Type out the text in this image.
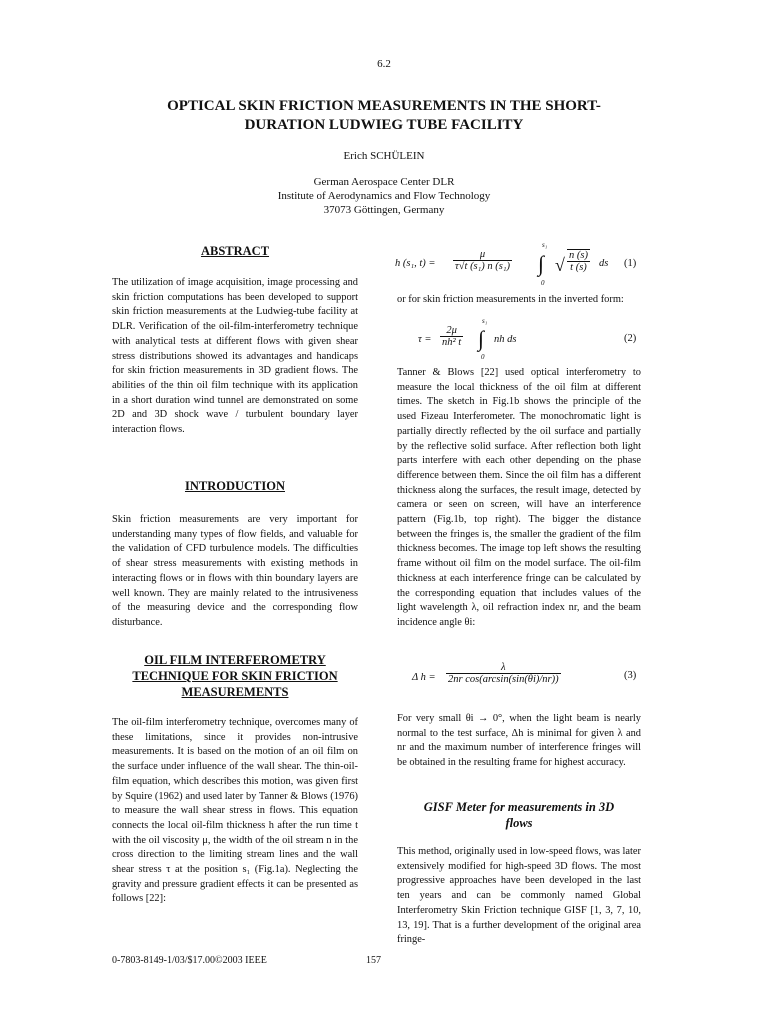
6.2
OPTICAL SKIN FRICTION MEASUREMENTS IN THE SHORT-
DURATION LUDWIEG TUBE FACILITY
Erich SCHÜLEIN
German Aerospace Center DLR
Institute of Aerodynamics and Flow Technology
37073 Göttingen, Germany
ABSTRACT

The utilization of image acquisition, image processing and skin friction computations has been developed to support skin friction measurements at the Ludwieg-tube facility at DLR. Verification of the oil-film-interferometry technique with analytical tests at different flows with given shear stress distributions showed its advantages and handicaps for skin friction measurements in 3D gradient flows. The abilities of the thin oil film technique with its application in a short duration wind tunnel are demonstrated on some 2D and 3D shock wave / turbulent boundary layer interaction flows.

INTRODUCTION

Skin friction measurements are very important for understanding many types of flow fields, and valuable for the validation of CFD turbulence models. The difficulties of shear stress measurements with existing methods in interacting flows or in flows with thin boundary layers are well known. They are mainly related to the intrusiveness of the measuring device and the corresponding flow disturbance.

OIL FILM INTERFEROMETRY
TECHNIQUE FOR SKIN FRICTION
MEASUREMENTS

The oil-film interferometry technique, overcomes many of these limitations, since it provides non-intrusive measurements. It is based on the motion of an oil film on the surface under influence of the wall shear. The thin-oil-film equation, which describes this motion, was given first by Squire (1962) and used later by Tanner & Blows (1976) to measure the wall shear stress in flows. This equation connects the local oil-film thickness h after the run time t with the oil viscosity μ, the width of the oil stream n in the cross direction to the limiting stream lines and the wall shear stress τ at the position s₁ (Fig.1a). Neglecting the gravity and pressure gradient effects it can be presented as follows [22]:

h (s₁, $t) = \frac{\mu}{\text{τ√t (s₁) n (s₁)}}$ ∫
s₁
0
√ $\frac{n (s)}{t (s)}$ ds (1)

or for skin friction measurements in the inverted form:

$\tau = \frac{2\mu}{\text{nh² t}}$ ∫
s₁
0
nh ds	(2)

Tanner & Blows [22] used optical interferometry to measure the local thickness of the oil film at different times. The sketch in Fig.1b shows the principle of the used Fizeau Interferometer. The monochromatic light is partially directly reflected by the oil surface and partially by the reflective solid surface. After reflection both light parts interfere with each other depending on the phase difference between them. Since the oil film has a different thickness along the surfaces, the result image, detected by camera or seen on screen, will have an interference pattern (Fig.1b, top right). The bigger the distance between the fringes is, the smaller the gradient of the film thickness becomes. The image top left shows the resulting frame without oil film on the model surface. The oil-film thickness at each interference fringe can be calculated by the corresponding equation that includes values of the light wavelength λ, oil refraction index nr, and the beam incidence angle θi:

Δ $h = \frac{\lambda}{\text{2nr cos(arcsin(sin(θi)/nr))}}$	(3)

For very small θi → 0°, when the light beam is nearly normal to the test surface, Δh is minimal for given λ and nr and the maximum number of interference fringes will be obtained in the resulting frame for highest accuracy.

GISF Meter for measurements in 3D
flows

This method, originally used in low-speed flows, was later extensively modified for high-speed 3D flows. The most progressive approaches have been developed in the last ten years and can be commonly named Global Interferometry Skin Friction technique GISF [1, 3, 7, 10, 13, 19]. That is a further development of the original area fringe-

0-7803-8149-1/03/$17.00©2003 IEEE	157
